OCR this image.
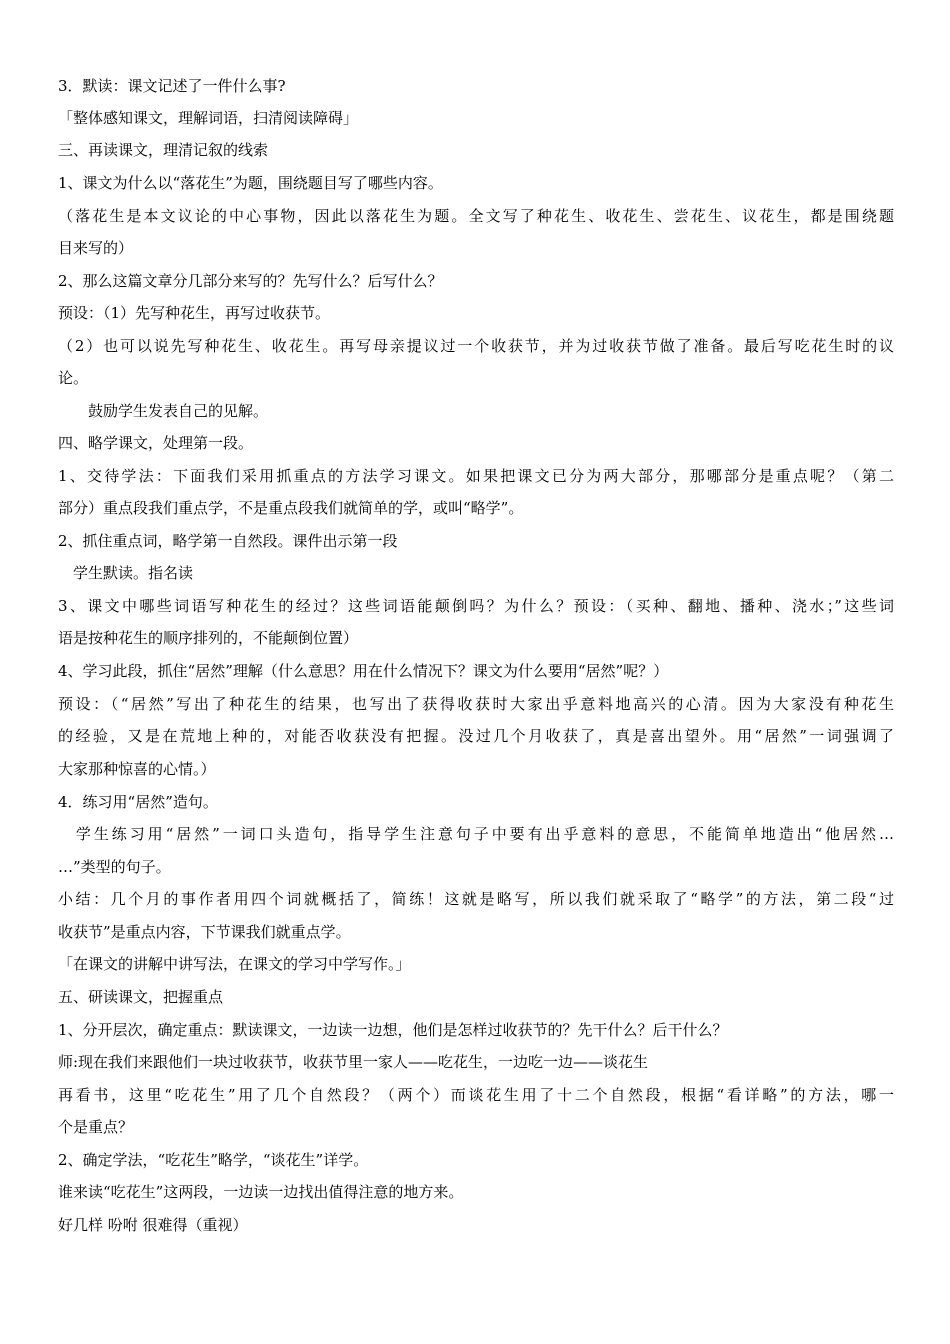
3．默读：课文记述了一件什么事?
「整体感知课文，理解词语，扫清阅读障碍」
三、再读课文，理清记叙的线索
1、课文为什么以“落花生”为题，围绕题目写了哪些内容。
（落花生是本文议论的中心事物，因此以落花生为题。全文写了种花生、收花生、尝花生、议花生，都是围绕题
目来写的）
2、那么这篇文章分几部分来写的？先写什么？后写什么？
预设：（1）先写种花生，再写过收获节。
（2）也可以说先写种花生、收花生。再写母亲提议过一个收获节，并为过收获节做了准备。最后写吃花生时的议
论。
　　鼓励学生发表自己的见解。
四、略学课文，处理第一段。
1、交待学法：下面我们采用抓重点的方法学习课文。如果把课文已分为两大部分，那哪部分是重点呢？（第二
部分）重点段我们重点学，不是重点段我们就简单的学，或叫“略学”。
2、抓住重点词，略学第一自然段。课件出示第一段
　学生默读。指名读
3、课文中哪些词语写种花生的经过？这些词语能颠倒吗？为什么？预设：（买种、翻地、播种、浇水；”这些词
语是按种花生的顺序排列的，不能颠倒位置）
4、学习此段，抓住“居然”理解（什么意思？用在什么情况下？课文为什么要用“居然”呢？）
预设：（“居然”写出了种花生的结果，也写出了获得收获时大家出乎意料地高兴的心清。因为大家没有种花生
的经验，又是在荒地上种的，对能否收获没有把握。没过几个月收获了，真是喜出望外。用“居然”一词强调了
大家那种惊喜的心情。）
4．练习用“居然”造句。
　学生练习用“居然”一词口头造句，指导学生注意句子中要有出乎意料的意思，不能简单地造出“他居然…
…”类型的句子。
小结：几个月的事作者用四个词就概括了，简练！这就是略写，所以我们就采取了“略学”的方法，第二段“过
收获节”是重点内容，下节课我们就重点学。
「在课文的讲解中讲写法，在课文的学习中学写作。」
五、研读课文，把握重点
1、分开层次，确定重点：默读课文，一边读一边想，他们是怎样过收获节的？先干什么？后干什么？
师:现在我们来跟他们一块过收获节，收获节里一家人——吃花生，一边吃一边——谈花生
再看书，这里“吃花生”用了几个自然段？（两个）而谈花生用了十二个自然段，根据“看详略”的方法，哪一
个是重点？
2、确定学法，“吃花生”略学，“谈花生”详学。
谁来读“吃花生”这两段，一边读一边找出值得注意的地方来。
好几样 吩咐 很难得（重视）
